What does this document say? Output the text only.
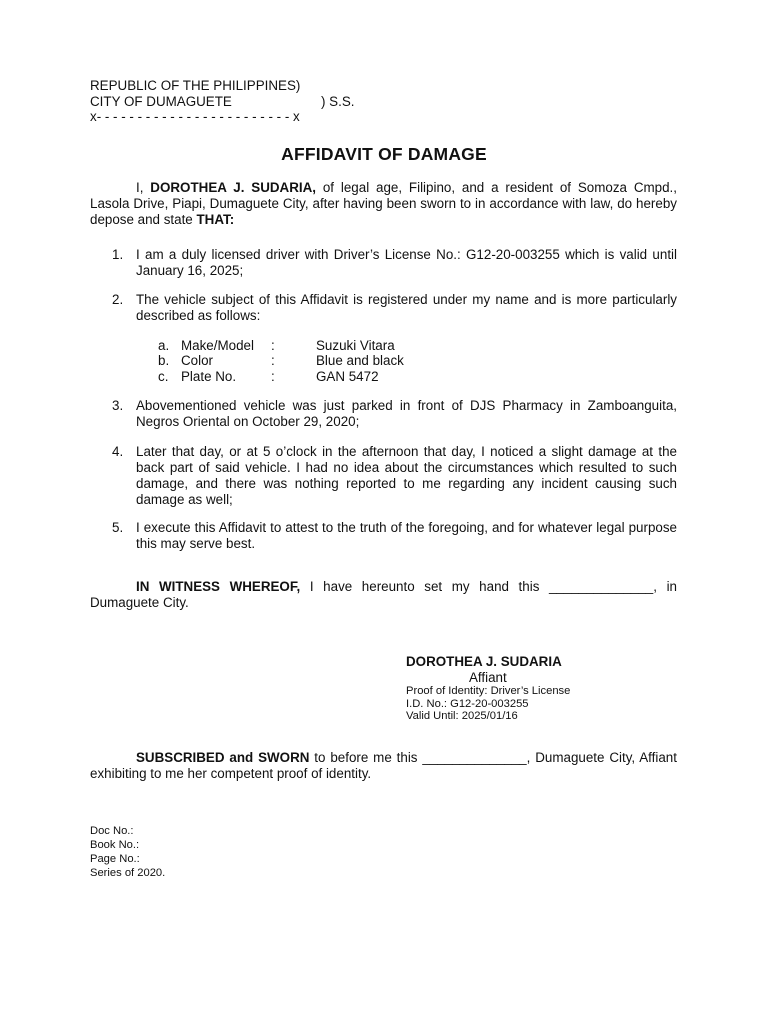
REPUBLIC OF THE PHILIPPINES)
CITY OF DUMAGUETE	) S.S.
x- - - - - - - - - - - - - - - - - - - - - - - - x
AFFIDAVIT OF DAMAGE
I, DOROTHEA J. SUDARIA, of legal age, Filipino, and a resident of Somoza Cmpd., Lasola Drive, Piapi, Dumaguete City, after having been sworn to in accordance with law, do hereby depose and state THAT:
1. I am a duly licensed driver with Driver’s License No.: G12-20-003255 which is valid until January 16, 2025;
2. The vehicle subject of this Affidavit is registered under my name and is more particularly described as follows:
a. Make/Model :	Suzuki Vitara
b. Color	:	Blue and black
c. Plate No.	:	GAN 5472
3. Abovementioned vehicle was just parked in front of DJS Pharmacy in Zamboanguita, Negros Oriental on October 29, 2020;
4. Later that day, or at 5 o’clock in the afternoon that day, I noticed a slight damage at the back part of said vehicle. I had no idea about the circumstances which resulted to such damage, and there was nothing reported to me regarding any incident causing such damage as well;
5. I execute this Affidavit to attest to the truth of the foregoing, and for whatever legal purpose this may serve best.
IN WITNESS WHEREOF, I have hereunto set my hand this ______________, in Dumaguete City.
DOROTHEA J. SUDARIA
Affiant
Proof of Identity: Driver’s License
I.D. No.: G12-20-003255
Valid Until: 2025/01/16
SUBSCRIBED and SWORN to before me this ______________, Dumaguete City, Affiant exhibiting to me her competent proof of identity.
Doc No.:
Book No.:
Page No.:
Series of 2020.
